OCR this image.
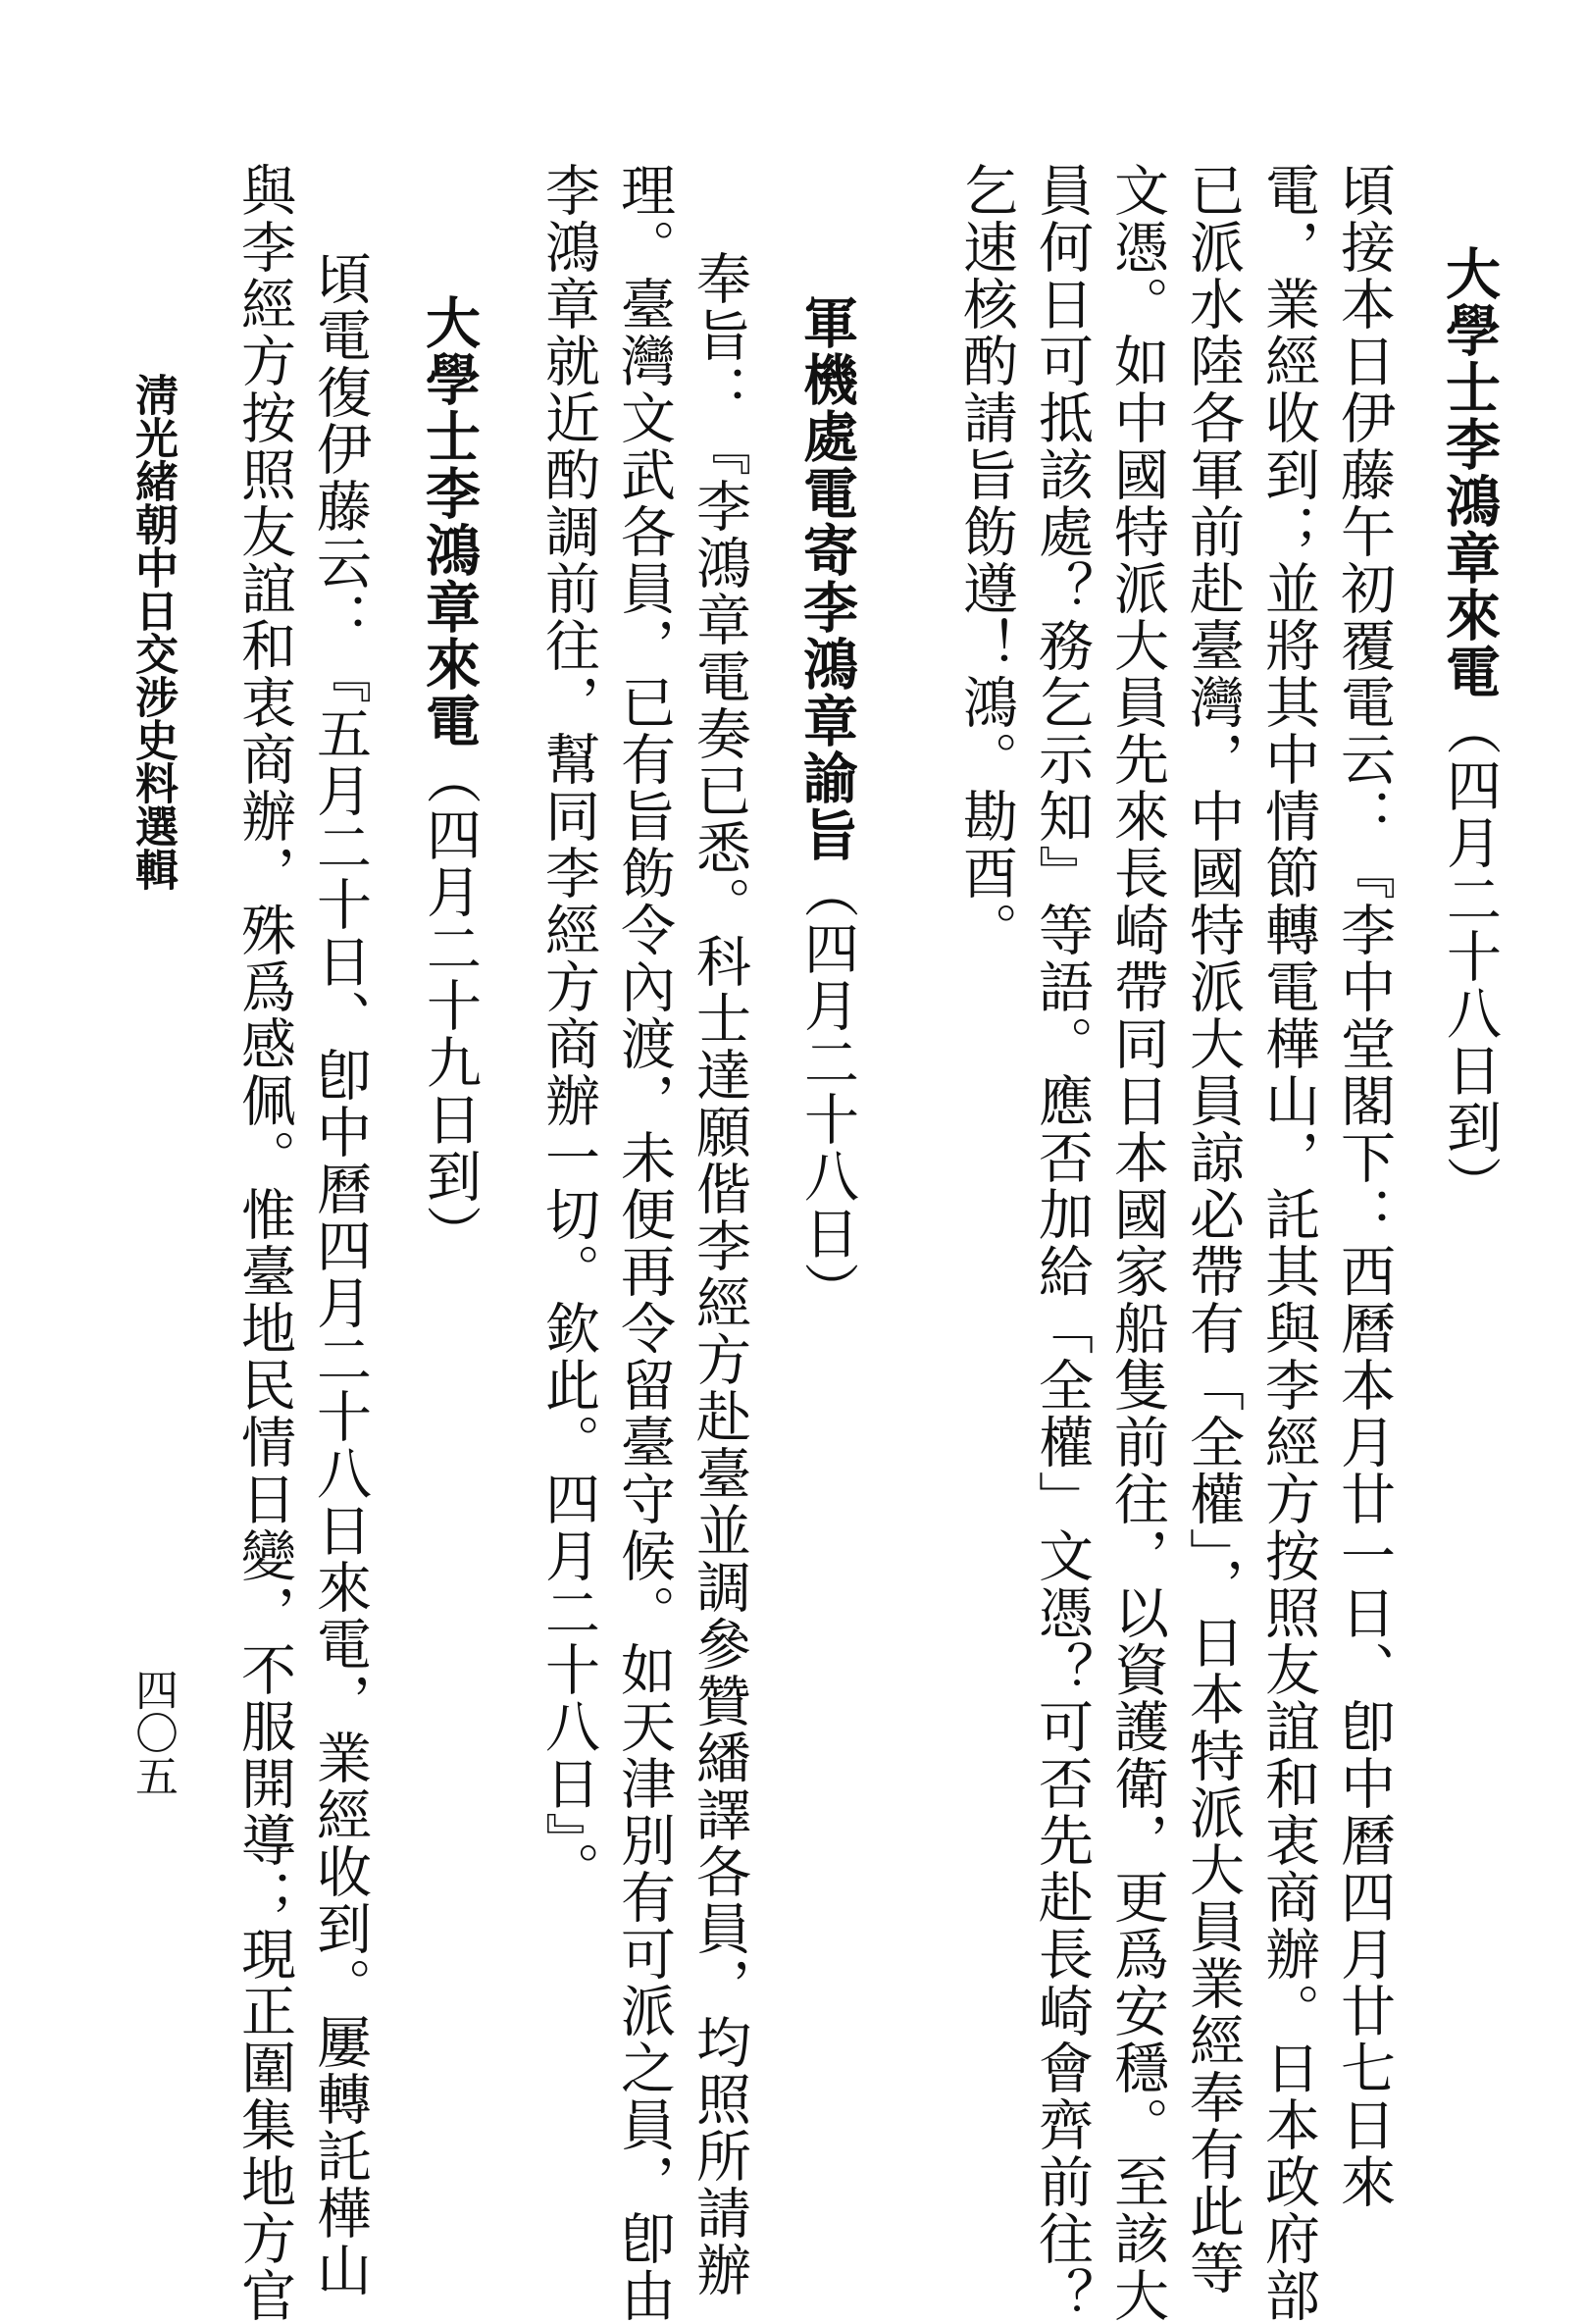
大學士李鴻章來電（四月二十八日到）
頃接本日伊藤午初覆電云：『李中堂閣下：西曆本月廿一日、卽中曆四月廿七日來
電，業經收到；並將其中情節轉電樺山，託其與李經方按照友誼和衷商辦。日本政府部
已派水陸各軍前赴臺灣，中國特派大員諒必帶有「全權」，日本特派大員業經奉有此等
文憑。如中國特派大員先來長崎帶同日本國家船隻前往，以資護衛，更爲安穩。至該大
員何日可抵該處？務乞示知』等語。應否加給「全權」文憑？可否先赴長崎會齊前往？
乞速核酌請旨飭遵！鴻。勘酉。
軍機處電寄李鴻章諭旨（四月二十八日）
奉旨：『李鴻章電奏已悉。科士達願偕李經方赴臺並調參贊繙譯各員，均照所請辦
理。臺灣文武各員，已有旨飭令內渡，未便再令留臺守候。如天津別有可派之員，卽由
李鴻章就近酌調前往，幫同李經方商辦一切。欽此。四月二十八日』。
大學士李鴻章來電（四月二十九日到）
頃電復伊藤云：『五月二十日、卽中曆四月二十八日來電，業經收到。屢轉託樺山
與李經方按照友誼和衷商辦，殊爲感佩。惟臺地民情日變，不服開導；現正圍集地方官
淸光緒朝中日交涉史料選輯
四〇五
